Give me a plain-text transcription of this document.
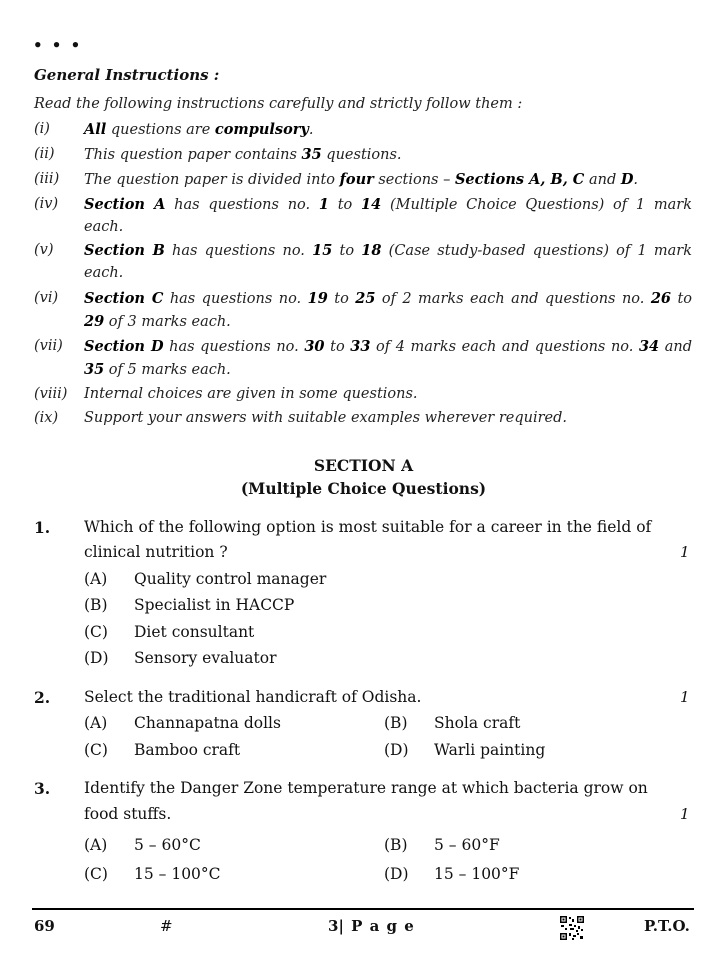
• • •
General Instructions :
Read the following instructions carefully and strictly follow them :
(i) All questions are compulsory.
(ii) This question paper contains 35 questions.
(iii) The question paper is divided into four sections – Sections A, B, C and D.
(iv) Section A has questions no. 1 to 14 (Multiple Choice Questions) of 1 mark
each.
(v) Section B has questions no. 15 to 18 (Case study-based questions) of 1 mark
each.
(vi) Section C has questions no. 19 to 25 of 2 marks each and questions no. 26 to
29 of 3 marks each.
(vii) Section D has questions no. 30 to 33 of 4 marks each and questions no. 34 and
35 of 5 marks each.
(viii) Internal choices are given in some questions.
(ix) Support your answers with suitable examples wherever required.
SECTION A
(Multiple Choice Questions)
1. Which of the following option is most suitable for a career in the field of
clinical nutrition ?	1
(A) Quality control manager
(B) Specialist in HACCP
(C) Diet consultant
(D) Sensory evaluator
2. Select the traditional handicraft of Odisha.	1
(A) Channapatna dolls	(B) Shola craft
(C) Bamboo craft	(D) Warli painting
3. Identify the Danger Zone temperature range at which bacteria grow on
food stuffs.	1
(A) 5 – 60°C	(B) 5 – 60°F
(C) 15 – 100°C	(D) 15 – 100°F
69	#	3| P a g e	P.T.O.
